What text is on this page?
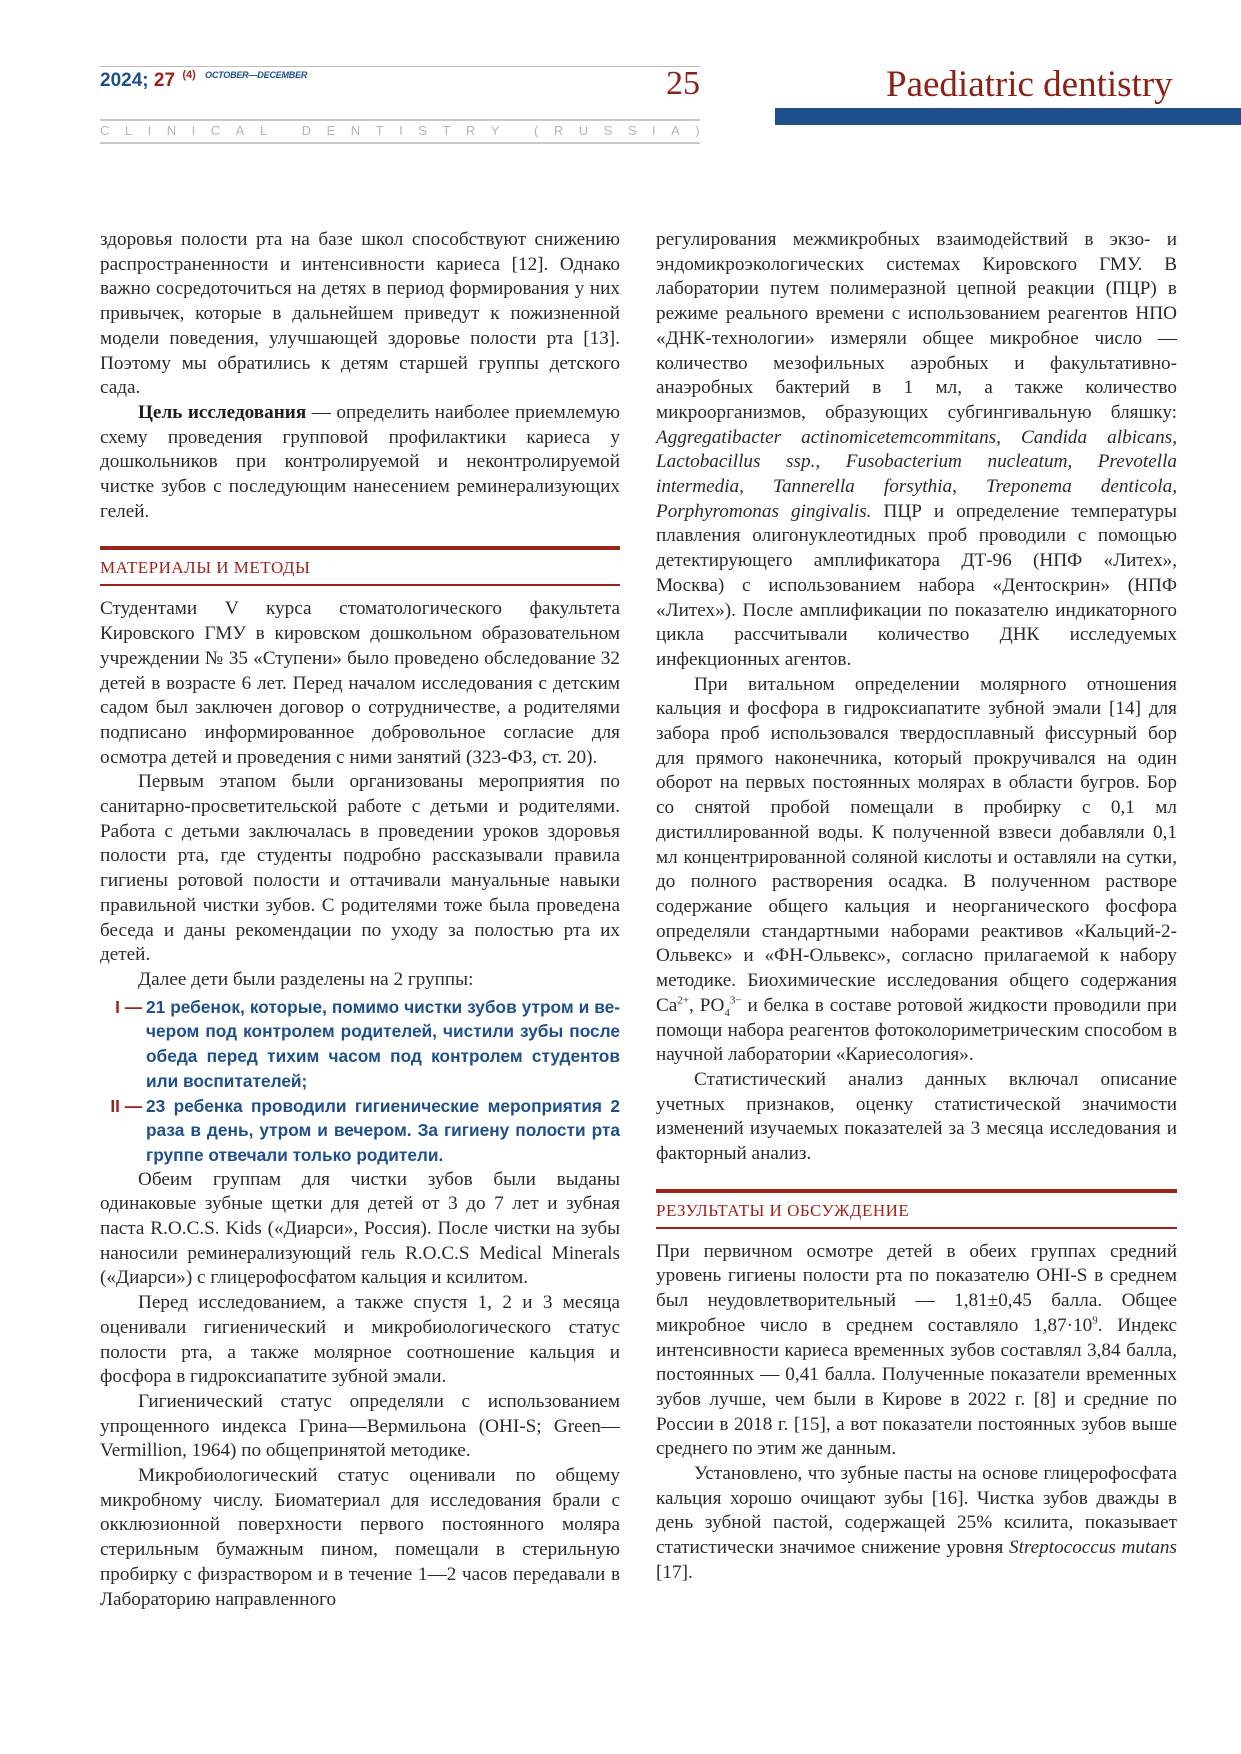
2024; 27 $^{(4)}$ $^{OCTOBER—DECEMBER}$	25
C L I N I C A L
	D E N T I S T R Y
	( R U S S I A )
Paediatric dentistry

здоровья полости рта на базе школ способствуют снижению распространенности и интенсивности кариеса [12]. Однако важно сосредоточиться на детях в период формирования у них привычек, которые в дальнейшем приведут к пожизненной модели поведения, улучшающей здоровье полости рта [13]. Поэтому мы обратились к детям старшей группы детского сада.

Цель исследования — определить наиболее приемлемую схему проведения групповой профилактики кариеса у дошкольников при контролируемой и неконтролируемой чистке зубов с последующим нанесением реминерализующих гелей.

МАТЕРИАЛЫ И МЕТОДЫ

Студентами V курса стоматологического факультета Кировского ГМУ в кировском дошкольном образовательном учреждении № 35 «Ступени» было проведено обследование 32 детей в возрасте 6 лет. Перед началом исследования с детским садом был заключен договор о сотрудничестве, а родителями подписано информированное добровольное согласие для осмотра детей и проведения с ними занятий (323-ФЗ, ст. 20).

Первым этапом были организованы мероприятия по санитарно-просветительской работе с детьми и родителями. Работа с детьми заключалась в проведении уроков здоровья полости рта, где студенты подробно рассказывали правила гигиены ротовой полости и оттачивали мануальные навыки правильной чистки зубов. С родителями тоже была проведена беседа и даны рекомендации по уходу за полостью рта их детей.

Далее дети были разделены на 2 группы:

I — 21 ребенок, которые, помимо чистки зубов утром и вечером под контролем родителей, чистили зубы после обеда перед тихим часом под контролем студентов или воспитателей;
II — 23 ребенка проводили гигиенические мероприятия 2 раза в день, утром и вечером. За гигиену полости рта группе отвечали только родители.

Обеим группам для чистки зубов были выданы одинаковые зубные щетки для детей от 3 до 7 лет и зубная паста R.O.C.S. Kids («Диарси», Россия). После чистки на зубы наносили реминерализующий гель R.O.C.S Medical Minerals («Диарси») с глицерофосфатом кальция и ксилитом.

Перед исследованием, а также спустя 1, 2 и 3 месяца оценивали гигиенический и микробиологического статус полости рта, а также молярное соотношение кальция и фосфора в гидроксиапатите зубной эмали.

Гигиенический статус определяли с использованием упрощенного индекса Грина—Вермильона (OHI-S; Green—Vermillion, 1964) по общепринятой методике.

Микробиологический статус оценивали по общему микробному числу. Биоматериал для исследования брали с окклюзионной поверхности первого постоянного моляра стерильным бумажным пином, помещали в стерильную пробирку с физраствором и в течение 1—2 часов передавали в Лабораторию направленного

регулирования межмикробных взаимодействий в экзо- и эндомикроэкологических системах Кировского ГМУ. В лаборатории путем полимеразной цепной реакции (ПЦР) в режиме реального времени с использованием реагентов НПО «ДНК-технологии» измеряли общее микробное число — количество мезофильных аэробных и факультативно-анаэробных бактерий в 1 мл, а также количество микроорганизмов, образующих субгингивальную бляшку: Aggregatibacter actinomicetemcommitans, Candida albicans, Lactobacillus ssp., Fusobacterium nucleatum, Prevotella intermedia, Tannerella forsythia, Treponema denticola, Porphyromonas gingivalis. ПЦР и определение температуры плавления олигонуклеотидных проб проводили с помощью детектирующего амплификатора ДТ-96 (НПФ «Литех», Москва) с использованием набора «Дентоскрин» (НПФ «Литех»). После амплификации по показателю индикаторного цикла рассчитывали количество ДНК исследуемых инфекционных агентов.

При витальном определении молярного отношения кальция и фосфора в гидроксиапатите зубной эмали [14] для забора проб использовался твердосплавный фиссурный бор для прямого наконечника, который прокручивался на один оборот на первых постоянных молярах в области бугров. Бор со снятой пробой помещали в пробирку с 0,1 мл дистиллированной воды. К полученной взвеси добавляли 0,1 мл концентрированной соляной кислоты и оставляли на сутки, до полного растворения осадка. В полученном растворе содержание общего кальция и неорганического фосфора определяли стандартными наборами реактивов «Кальций-2-Ольвекс» и «ФН-Ольвекс», согласно прилагаемой к набору методике. Биохимические исследования общего содержания $Ca^{2+}$, $PO_4^{3-}$ и белка в составе ротовой жидкости проводили при помощи набора реагентов фотоколориметрическим способом в научной лаборатории «Кариесология».

Статистический анализ данных включал описание учетных признаков, оценку статистической значимости изменений изучаемых показателей за 3 месяца исследования и факторный анализ.

РЕЗУЛЬТАТЫ И ОБСУЖДЕНИЕ

При первичном осмотре детей в обеих группах средний уровень гигиены полости рта по показателю OHI-S в среднем был неудовлетворительный — 1,81±0,45 балла. Общее микробное число в среднем составляло $1,87\cdot 10^9$. Индекс интенсивности кариеса временных зубов составлял 3,84 балла, постоянных — 0,41 балла. Полученные показатели временных зубов лучше, чем были в Кирове в 2022 г. [8] и средние по России в 2018 г. [15], а вот показатели постоянных зубов выше среднего по этим же данным.

Установлено, что зубные пасты на основе глицерофосфата кальция хорошо очищают зубы [16]. Чистка зубов дважды в день зубной пастой, содержащей 25% ксилита, показывает статистически значимое снижение уровня Streptococcus mutans [17].
